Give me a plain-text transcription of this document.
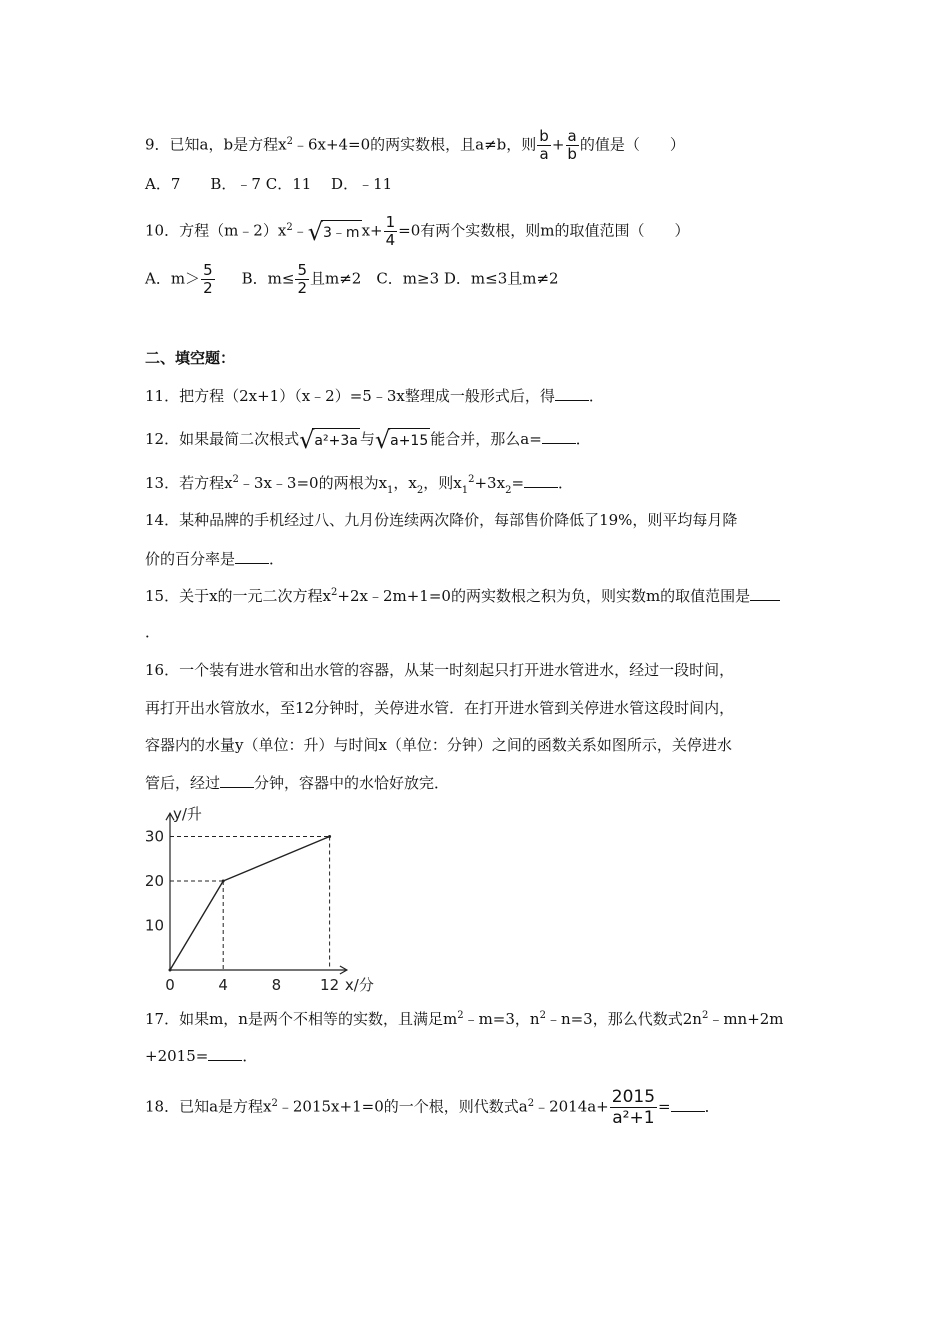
9．已知a，b是方程$x^2﹣6x+4=0$的两实数根，且a≠b，则 $\frac{b}{a} + \frac{a}{b}$ 的值是（　　）
A．7　　B．﹣7 C．11　 D．﹣11
10．方程$(m﹣2)x^2﹣$ √ 3﹣m $x+ \frac{1}{4} =0$有两个实数根，则m的取值范围（　　）
A．$m> \frac{5}{2}$ B．$m\le \frac{5}{2}$ 且m≠2　C．m≥3 D．m≤3且m≠2
二、填空题：
11．把方程（2x+1）（x﹣2）=5﹣3x整理成一般形式后，得 ．
12．如果最简二次根式 √ a²+3a 与 √ a+15 能合并，那么a= ．
13．若方程$x^2﹣3x﹣3=0$的两根为$x_1$，$x_2$，则$x_1^2+3x_2=$ ．
14．某种品牌的手机经过八、九月份连续两次降价，每部售价降低了19%，则平均每月降
价的百分率是 ．
15．关于x的一元二次方程$x^2+2x﹣2m+1=0$的两实数根之积为负，则实数m的取值范围是
．
16．一个装有进水管和出水管的容器，从某一时刻起只打开进水管进水，经过一段时间，
再打开出水管放水，至12分钟时，关停进水管．在打开进水管到关停进水管这段时间内，
容器内的水量y（单位：升）与时间x（单位：分钟）之间的函数关系如图所示，关停进水
管后，经过 分钟，容器中的水恰好放完．
0	4	8	12
10
20
30
x/分
y/升
17．如果m，n是两个不相等的实数，且满足$m^2﹣m=3$，$n^2﹣n=3$，那么代数式$2n^2﹣mn+2m$
+2015= ．
18．已知a是方程$x^2﹣2015x+1=0$的一个根，则代数式$a^2﹣2014a+ \frac{2015}{\text{a²+1}}$ = ．
